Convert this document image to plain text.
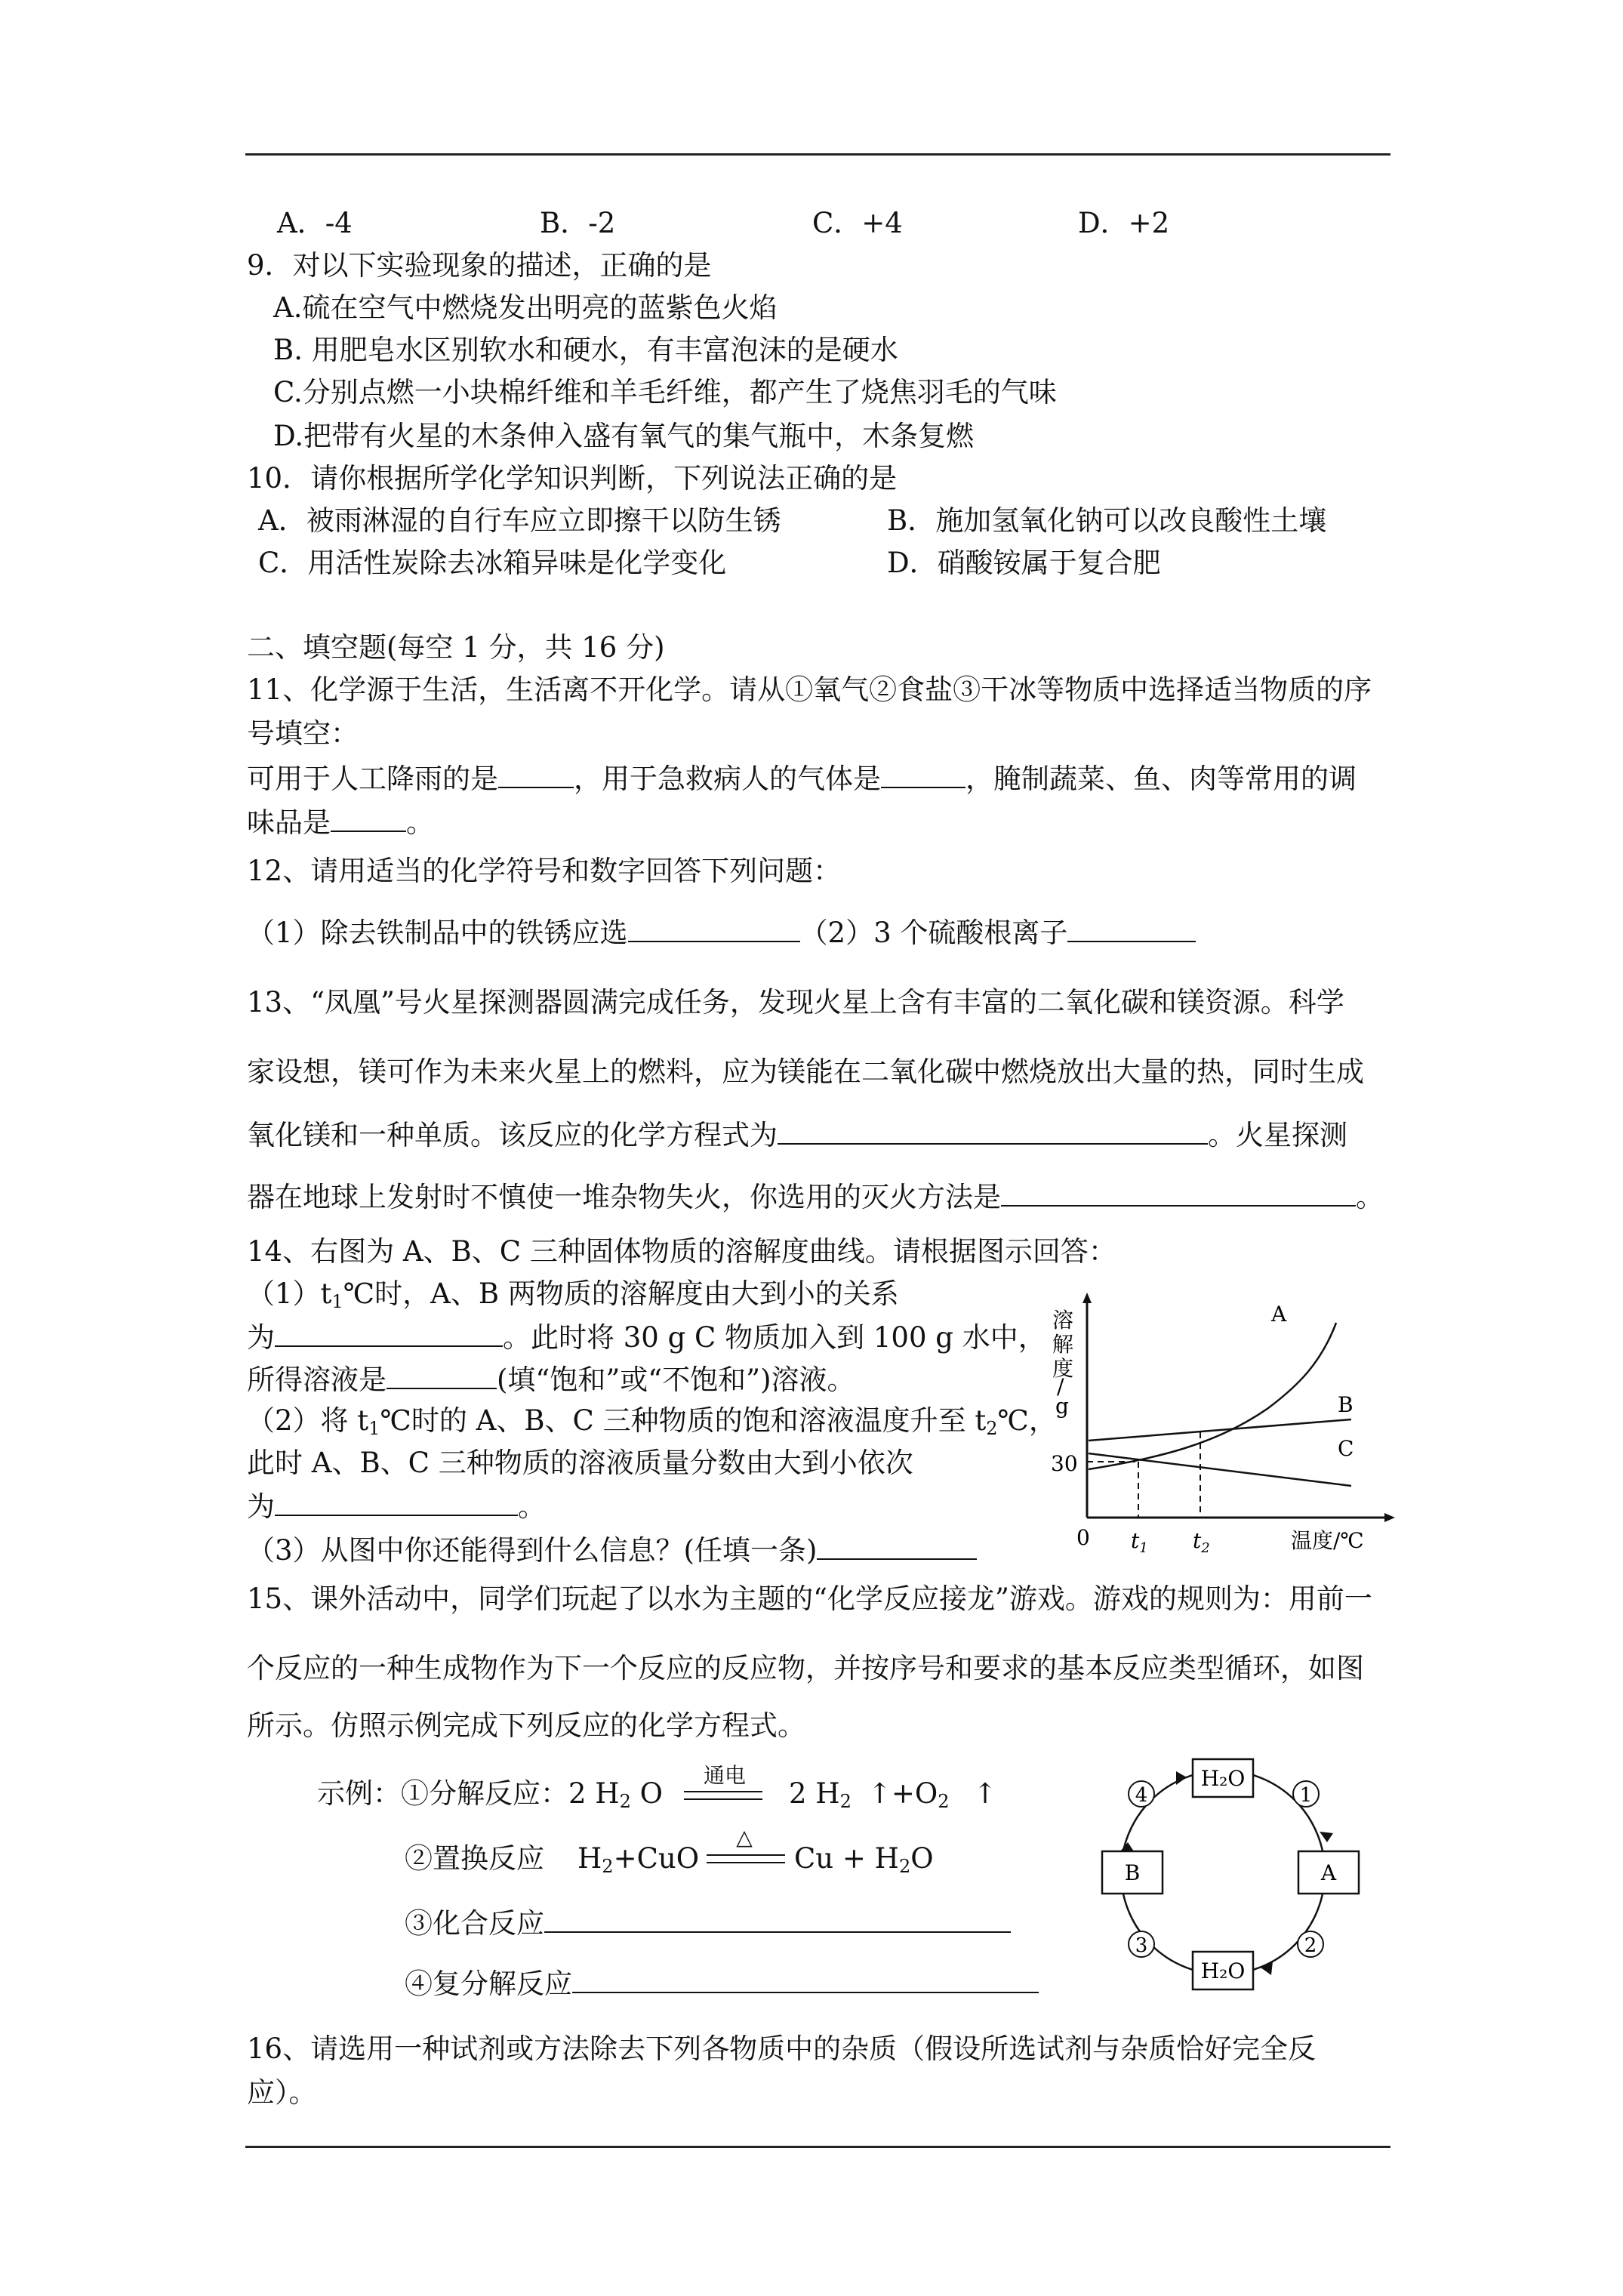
A．-4	B．-2	C．+4	D．+2
9．对以下实验现象的描述，正确的是
A.硫在空气中燃烧发出明亮的蓝紫色火焰
B. 用肥皂水区别软水和硬水，有丰富泡沫的是硬水
C.分别点燃一小块棉纤维和羊毛纤维，都产生了烧焦羽毛的气味
D.把带有火星的木条伸入盛有氧气的集气瓶中，木条复燃
10．请你根据所学化学知识判断，下列说法正确的是
A．被雨淋湿的自行车应立即擦干以防生锈	B．施加氢氧化钠可以改良酸性土壤
C．用活性炭除去冰箱异味是化学变化	D．硝酸铵属于复合肥
二、填空题(每空 1 分，共 16 分)
11、化学源于生活，生活离不开化学。请从①氧气②食盐③干冰等物质中选择适当物质的序
号填空：
可用于人工降雨的是	，用于急救病人的气体是	，腌制蔬菜、鱼、肉等常用的调
味品是	。
12、请用适当的化学符号和数字回答下列问题：
（1）除去铁制品中的铁锈应选	（2）3 个硫酸根离子
13、“凤凰”号火星探测器圆满完成任务，发现火星上含有丰富的二氧化碳和镁资源。科学
家设想，镁可作为未来火星上的燃料，应为镁能在二氧化碳中燃烧放出大量的热，同时生成
氧化镁和一种单质。该反应的化学方程式为	。火星探测
器在地球上发射时不慎使一堆杂物失火，你选用的灭火方法是	。
14、右图为 A、B、C 三种固体物质的溶解度曲线。请根据图示回答：
$(1)t_1℃$时，A、B 两物质的溶解度由大到小的关系
为	。此时将 30 g C 物质加入到 100 g 水中，
所得溶液是	(填“饱和”或“不饱和”)溶液。
（2）将 $t_1℃$时的 A、B、C 三种物质的饱和溶液温度升至 $t_2℃$，
此时 A、B、C 三种物质的溶液质量分数由大到小依次
为	。
（3）从图中你还能得到什么信息？(任填一条)
溶
解
度
/
g
A
B
C
30
0 $t_1$ $t_2$	温度/℃
15、课外活动中，同学们玩起了以水为主题的“化学反应接龙”游戏。游戏的规则为：用前一
个反应的一种生成物作为下一个反应的反应物，并按序号和要求的基本反应类型循环，如图
所示。仿照示例完成下列反应的化学方程式。
示例：①分解反应：2 $H_2$ O
通电
2 $H_2$ $↑+O_2$ ↑
②置换反应 $H_2+CuO$
△
$Cu + H_2O$
③化合反应
④复分解反应
H₂O
A
H₂O
B
1
2
3
4
16、请选用一种试剂或方法除去下列各物质中的杂质（假设所选试剂与杂质恰好完全反
应）。
